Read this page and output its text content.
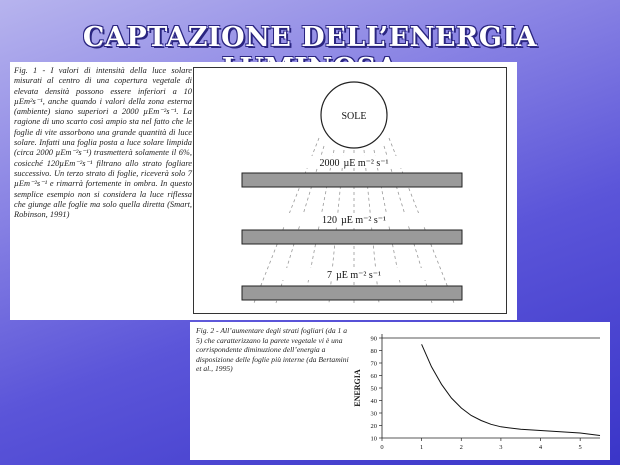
CAPTAZIONE DELL’ENERGIA
Fig. 1 - I valori di intensità della luce solare misurati al centro di una copertura vegetale di elevata densità possono essere inferiori a 10 µEm²s⁻¹, anche quando i valori della zona esterna (ambiente) siano superiori a 2000 µEm⁻²s⁻¹. La ragione di uno scarto così ampio sta nel fatto che le foglie di vite assorbono una grande quantità di luce solare. Infatti una foglia posta a luce solare limpida (circa 2000 µEm⁻²s⁻¹) trasmetterà solamente il 6%, cosicché 120µEm⁻²s⁻¹ filtrano allo strato fogliare successivo. Un terzo strato di foglie, riceverà solo 7 µEm⁻²s⁻¹ e rimarrà fortemente in ombra. In questo semplice esempio non si considera la luce riflessa che giunge alle foglie ma solo quella diretta (Smart, Robinson, 1991)
SOLE
2000 µE m⁻² s⁻¹
120 µE m⁻² s⁻¹
7 µE m⁻² s⁻¹
Fig. 2 - All’aumentare degli strati fogliari (da 1 a 5) che caratterizzano la parete vegetale vi è una corrispondente diminuzione dell’energia a disposizione delle foglie più interne (da Bertamini et al., 1995)
ENERGIA
10
20
30
40
50
60
70
80
90
0	1	2	3	4	5
